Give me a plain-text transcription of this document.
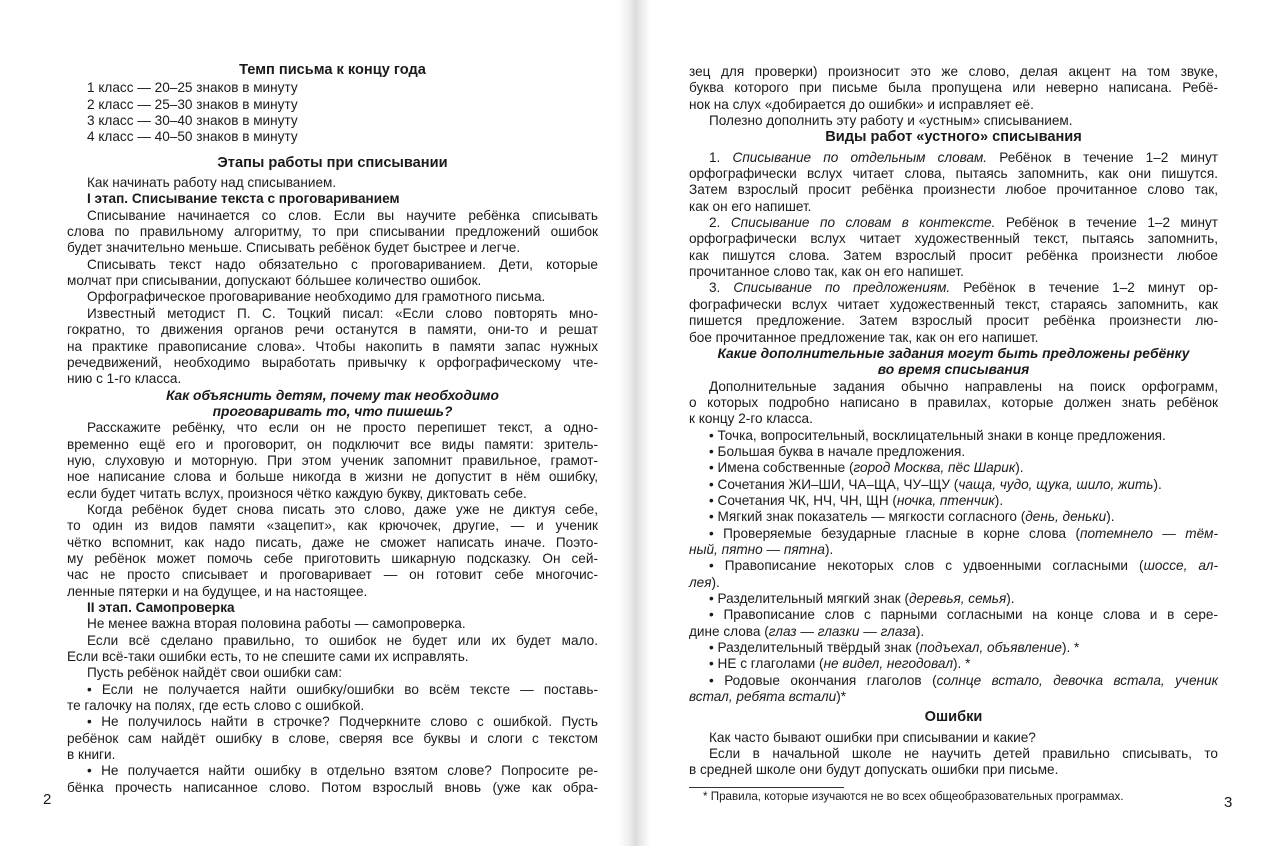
Темп письма к концу года
1 класс — 20–25 знаков в минуту
2 класс — 25–30 знаков в минуту
3 класс — 30–40 знаков в минуту
4 класс — 40–50 знаков в минуту
Этапы работы при списывании
Как начинать работу над списыванием.
I этап. Списывание текста с проговариванием
Списывание начинается со слов. Если вы научите ребёнка списывать
слова по правильному алгоритму, то при списывании предложений ошибок
будет значительно меньше. Списывать ребёнок будет быстрее и легче.
Списывать текст надо обязательно с проговариванием. Дети, которые
молчат при списывании, допускают бóльшее количество ошибок.
Орфографическое проговаривание необходимо для грамотного письма.
Известный методист П. С. Тоцкий писал: «Если слово повторять мно-
гократно, то движения органов речи останутся в памяти, они-то и решат
на практике правописание слова». Чтобы накопить в памяти запас нужных
речедвижений, необходимо выработать привычку к орфографическому чте-
нию с 1-го класса.
Как объяснить детям, почему так необходимо
проговаривать то, что пишешь?
Расскажите ребёнку, что если он не просто перепишет текст, а одно-
временно ещё его и проговорит, он подключит все виды памяти: зритель-
ную, слуховую и моторную. При этом ученик запомнит правильное, грамот-
ное написание слова и больше никогда в жизни не допустит в нём ошибку,
если будет читать вслух, произнося чётко каждую букву, диктовать себе.
Когда ребёнок будет снова писать это слово, даже уже не диктуя себе,
то один из видов памяти «зацепит», как крючочек, другие, — и ученик
чётко вспомнит, как надо писать, даже не сможет написать иначе. Поэто-
му ребёнок может помочь себе приготовить шикарную подсказку. Он сей-
час не просто списывает и проговаривает — он готовит себе многочис-
ленные пятерки и на будущее, и на настоящее.
II этап. Самопроверка
Не менее важна вторая половина работы — самопроверка.
Если всё сделано правильно, то ошибок не будет или их будет мало.
Если всё-таки ошибки есть, то не спешите сами их исправлять.
Пусть ребёнок найдёт свои ошибки сам:
• Если не получается найти ошибку/ошибки во всём тексте — поставь-
те галочку на полях, где есть слово с ошибкой.
• Не получилось найти в строчке? Подчеркните слово с ошибкой. Пусть
ребёнок сам найдёт ошибку в слове, сверяя все буквы и слоги с текстом
в книги.
• Не получается найти ошибку в отдельно взятом слове? Попросите ре-
бёнка прочесть написанное слово. Потом взрослый вновь (уже как обра-
2
зец для проверки) произносит это же слово, делая акцент на том звуке,
буква которого при письме была пропущена или неверно написана. Ребё-
нок на слух «добирается до ошибки» и исправляет её.
Полезно дополнить эту работу и «устным» списыванием.
Виды работ «устного» списывания
1. Списывание по отдельным словам. Ребёнок в течение 1–2 минут
орфографически вслух читает слова, пытаясь запомнить, как они пишутся.
Затем взрослый просит ребёнка произнести любое прочитанное слово так,
как он его напишет.
2. Списывание по словам в контексте. Ребёнок в течение 1–2 минут
орфографически вслух читает художественный текст, пытаясь запомнить,
как пишутся слова. Затем взрослый просит ребёнка произнести любое
прочитанное слово так, как он его напишет.
3. Списывание по предложениям. Ребёнок в течение 1–2 минут ор-
фографически вслух читает художественный текст, стараясь запомнить, как
пишется предложение. Затем взрослый просит ребёнка произнести лю-
бое прочитанное предложение так, как он его напишет.
Какие дополнительные задания могут быть предложены ребёнку
во время списывания
Дополнительные задания обычно направлены на поиск орфограмм,
о которых подробно написано в правилах, которые должен знать ребёнок
к концу 2-го класса.
• Точка, вопросительный, восклицательный знаки в конце предложения.
• Большая буква в начале предложения.
• Имена собственные (город Москва, пёс Шарик).
• Сочетания ЖИ–ШИ, ЧА–ЩА, ЧУ–ЩУ (чаща, чудо, щука, шило, жить).
• Сочетания ЧК, НЧ, ЧН, ЩН (ночка, птенчик).
• Мягкий знак показатель — мягкости согласного (день, деньки).
• Проверяемые безударные гласные в корне слова (потемнело — тём-
ный, пятно — пятна).
• Правописание некоторых слов с удвоенными согласными (шоссе, ал-
лея).
• Разделительный мягкий знак (деревья, семья).
• Правописание слов с парными согласными на конце слова и в сере-
дине слова (глаз — глазки — глаза).
• Разделительный твёрдый знак (подъехал, объявление). *
• НЕ с глаголами (не видел, негодовал). *
• Родовые окончания глаголов (солнце встало, девочка встала, ученик
встал, ребята встали)*
Ошибки
Как часто бывают ошибки при списывании и какие?
Если в начальной школе не научить детей правильно списывать, то
в средней школе они будут допускать ошибки при письме.
* Правила, которые изучаются не во всех общеобразовательных программах.	3
